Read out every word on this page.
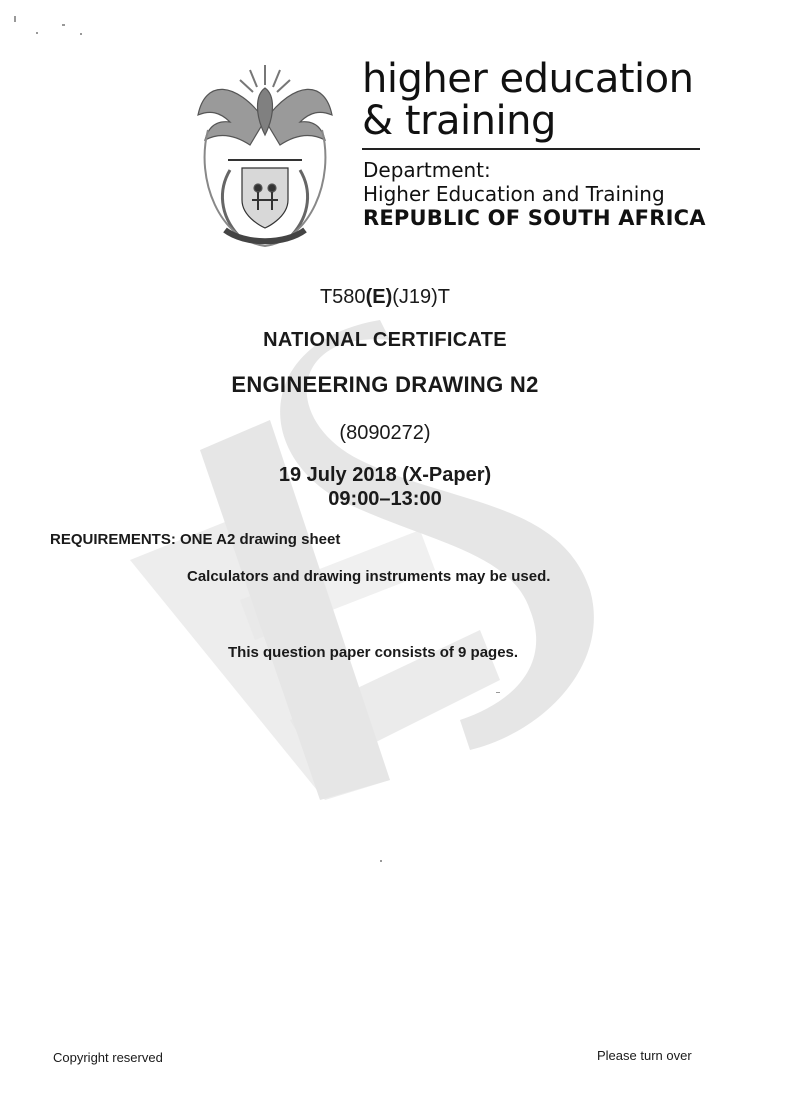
higher education
& training
Department:
Higher Education and Training
REPUBLIC OF SOUTH AFRICA
T580(E)(J19)T
NATIONAL CERTIFICATE
ENGINEERING DRAWING N2
(8090272)
19 July 2018 (X-Paper)
09:00–13:00
REQUIREMENTS: ONE A2 drawing sheet
Calculators and drawing instruments may be used.
This question paper consists of 9 pages.
Copyright reserved	Please turn over
